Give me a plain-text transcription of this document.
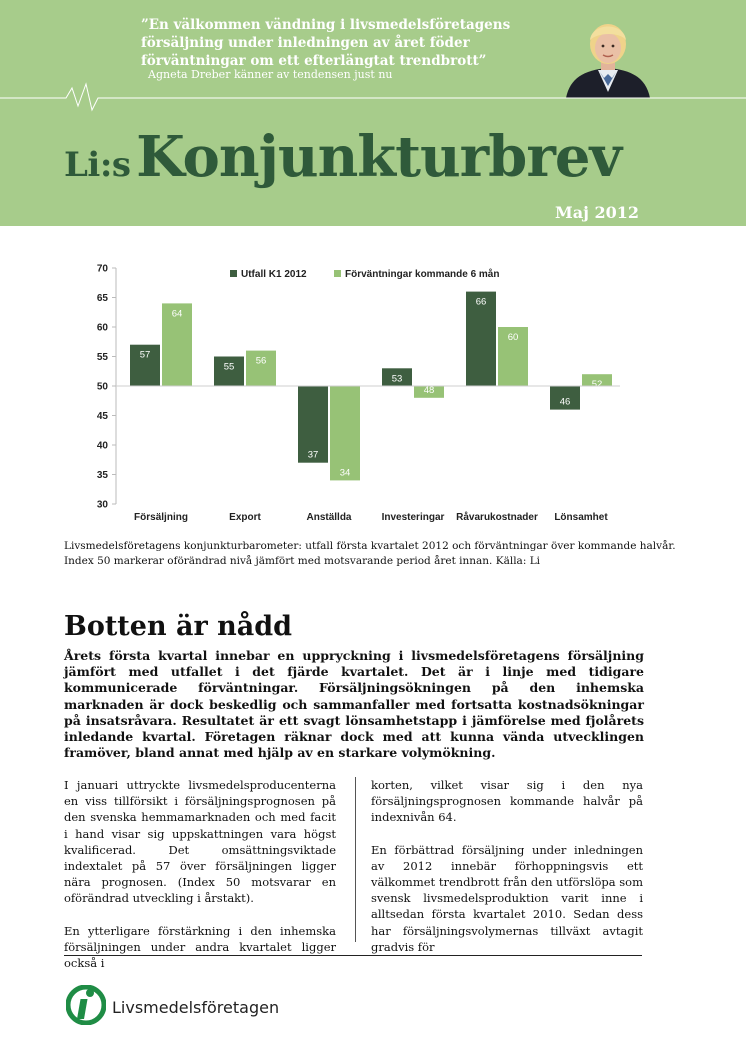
”En välkommen vändning i livsmedelsföretagens
försäljning under inledningen av året föder
förväntningar om ett efterlängtat trendbrott”
Agneta Dreber känner av tendensen just nu
Li:s Konjunkturbrev
Maj 2012
30
35
40
45
50
55
60
65
70
57
64
Försäljning
55
56
Export
37
34
Anställda
53
48
Investeringar
66
60
Råvarukostnader
46
52
Lönsamhet
Utfall K1 2012	Förväntningar kommande 6 mån
Livsmedelsföretagens konjunkturbarometer: utfall första kvartalet 2012 och förväntningar över kommande halvår.
Index 50 markerar oförändrad nivå jämfört med motsvarande period året innan. Källa: Li
Botten är nådd

Årets första kvartal innebar en uppryckning i livsmedelsföretagens försäljning jämfört med utfallet i det fjärde kvartalet. Det är i linje med tidigare kommunicerade förväntningar. Försäljningsökningen på den inhemska marknaden är dock beskedlig och sammanfaller med fortsatta kostnadsökningar på insatsråvara. Resultatet är ett svagt lönsamhetstapp i jämförelse med fjolårets inledande kvartal. Företagen räknar dock med att kunna vända utvecklingen framöver, bland annat med hjälp av en starkare volymökning.

I januari uttryckte livsmedelsproducenterna en viss tillförsikt i försäljningsprognosen på den svenska hemmamarknaden och med facit i hand visar sig uppskattningen vara högst kvalificerad. Det omsättningsviktade indextalet på 57 över försäljningen ligger nära prognosen. (Index 50 motsvarar en oförändrad utveckling i årstakt).

En ytterligare förstärkning i den inhemska försäljningen under andra kvartalet ligger också i

korten, vilket visar sig i den nya försäljningsprognosen kommande halvår på indexnivån 64.

En förbättrad försäljning under inledningen av 2012 innebär förhoppningsvis ett välkommet trendbrott från den utförslöpa som svensk livsmedelsproduktion varit inne i alltsedan första kvartalet 2010. Sedan dess har försäljningsvolymernas tillväxt avtagit gradvis för

Livsmedelsföretagen
